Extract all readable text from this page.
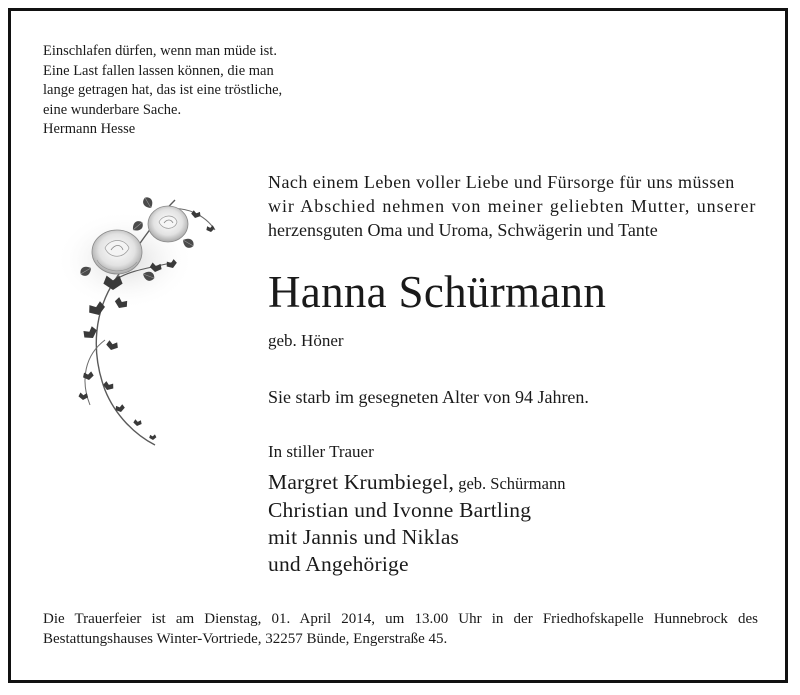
Einschlafen dürfen, wenn man müde ist.
Eine Last fallen lassen können, die man
lange getragen hat, das ist eine tröstliche,
eine wunderbare Sache.
Hermann Hesse
Nach einem Leben voller Liebe und Fürsorge für uns müssen
wir Abschied nehmen von meiner geliebten Mutter, unserer
herzensguten Oma und Uroma, Schwägerin und Tante
Hanna Schürmann
geb. Höner
Sie starb im gesegneten Alter von 94 Jahren.
In stiller Trauer
Margret Krumbiegel, geb. Schürmann
Christian und Ivonne Bartling
mit Jannis und Niklas
und Angehörige
Die Trauerfeier ist am Dienstag, 01. April 2014, um 13.00 Uhr in der Friedhofskapelle Hunnebrock des
Bestattungshauses Winter-Vortriede, 32257 Bünde, Engerstraße 45.
